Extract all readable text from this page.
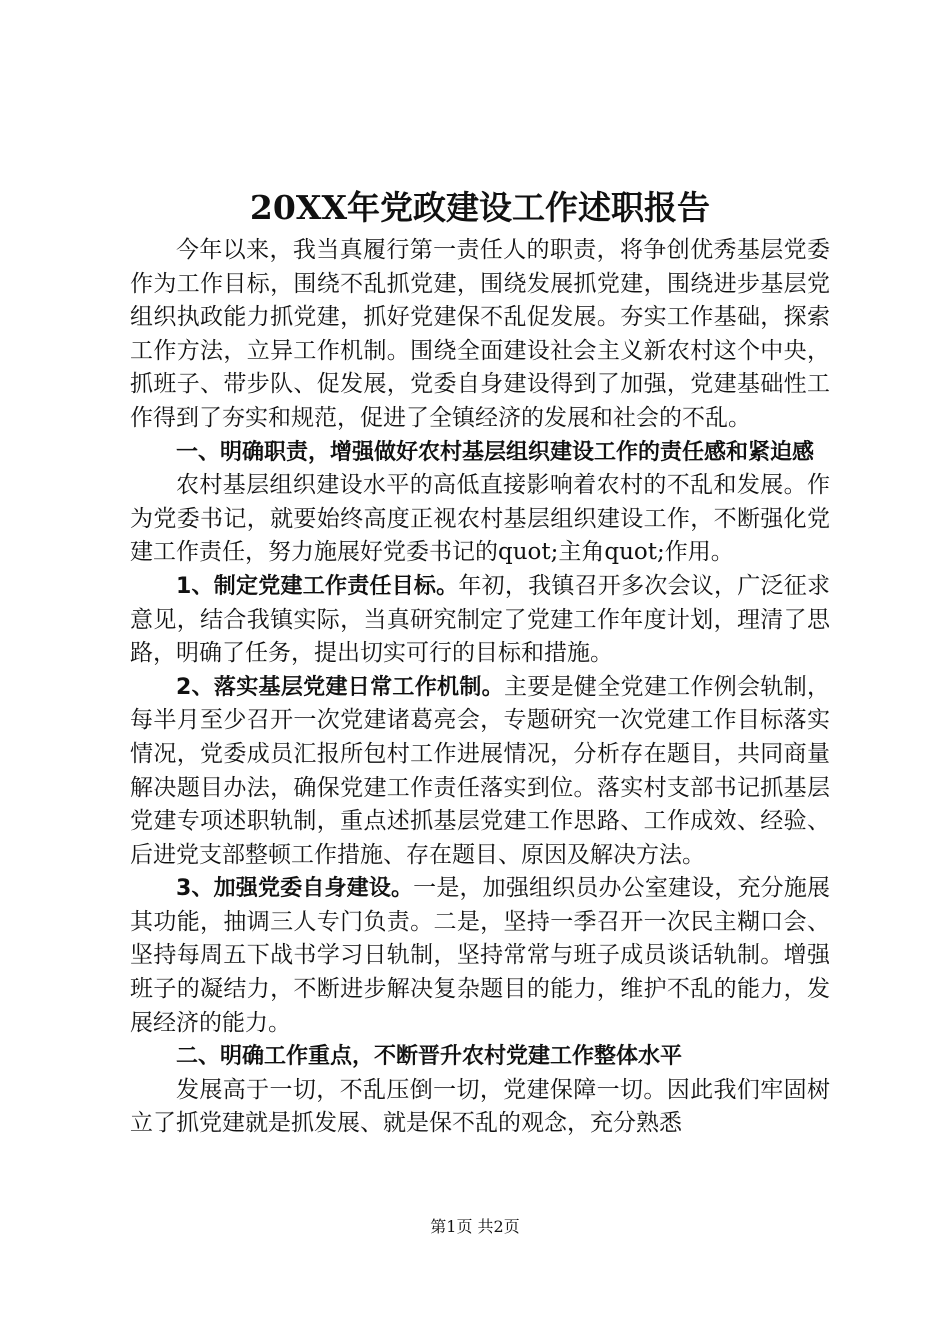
20XX年党政建设工作述职报告

今年以来，我当真履行第一责任人的职责，将争创优秀基层党委作为工作目标，围绕不乱抓党建，围绕发展抓党建，围绕进步基层党组织执政能力抓党建，抓好党建保不乱促发展。夯实工作基础，探索工作方法，立异工作机制。围绕全面建设社会主义新农村这个中央，抓班子、带步队、促发展，党委自身建设得到了加强，党建基础性工作得到了夯实和规范，促进了全镇经济的发展和社会的不乱。

一、明确职责，增强做好农村基层组织建设工作的责任感和紧迫感

农村基层组织建设水平的高低直接影响着农村的不乱和发展。作为党委书记，就要始终高度正视农村基层组织建设工作，不断强化党建工作责任，努力施展好党委书记的quot;主角quot;作用。

1、制定党建工作责任目标。年初，我镇召开多次会议，广泛征求意见，结合我镇实际，当真研究制定了党建工作年度计划，理清了思路，明确了任务，提出切实可行的目标和措施。

2、落实基层党建日常工作机制。主要是健全党建工作例会轨制，每半月至少召开一次党建诸葛亮会，专题研究一次党建工作目标落实情况，党委成员汇报所包村工作进展情况，分析存在题目，共同商量解决题目办法，确保党建工作责任落实到位。落实村支部书记抓基层党建专项述职轨制，重点述抓基层党建工作思路、工作成效、经验、后进党支部整顿工作措施、存在题目、原因及解决方法。

3、加强党委自身建设。一是，加强组织员办公室建设，充分施展其功能，抽调三人专门负责。二是，坚持一季召开一次民主糊口会、坚持每周五下战书学习日轨制，坚持常常与班子成员谈话轨制。增强班子的凝结力，不断进步解决复杂题目的能力，维护不乱的能力，发展经济的能力。

二、明确工作重点，不断晋升农村党建工作整体水平

发展高于一切，不乱压倒一切，党建保障一切。因此我们牢固树立了抓党建就是抓发展、就是保不乱的观念，充分熟悉

第1页 共2页
